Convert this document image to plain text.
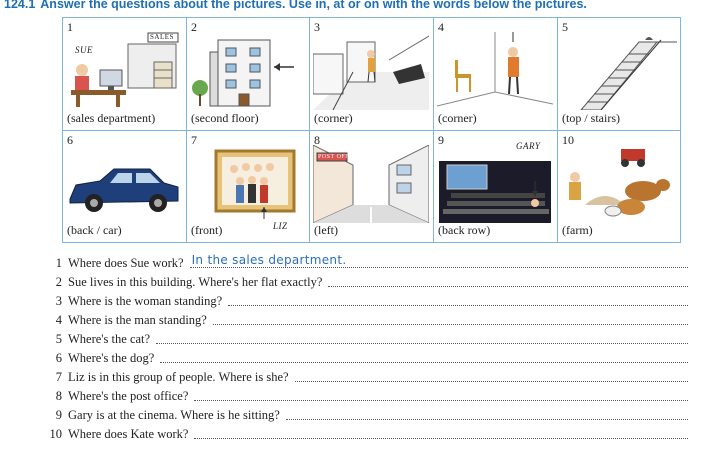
124.1 Answer the questions about the pictures. Use in, at or on with the words below the pictures.
1
SUE
SALES
(sales department)
2
(second floor)
3
(corner)
4
(corner)
5
(top / stairs)
6
(back / car)
7
LIZ
(front)
8
POST OFFICE
(left)
9	GARY
(back row)
10
(farm)
1 Where does Sue work? In the sales department.
2 Sue lives in this building. Where's her flat exactly?
3 Where is the woman standing?
4 Where is the man standing?
5 Where's the cat?
6 Where's the dog?
7 Liz is in this group of people. Where is she?
8 Where's the post office?
9 Gary is at the cinema. Where is he sitting?
10 Where does Kate work?
